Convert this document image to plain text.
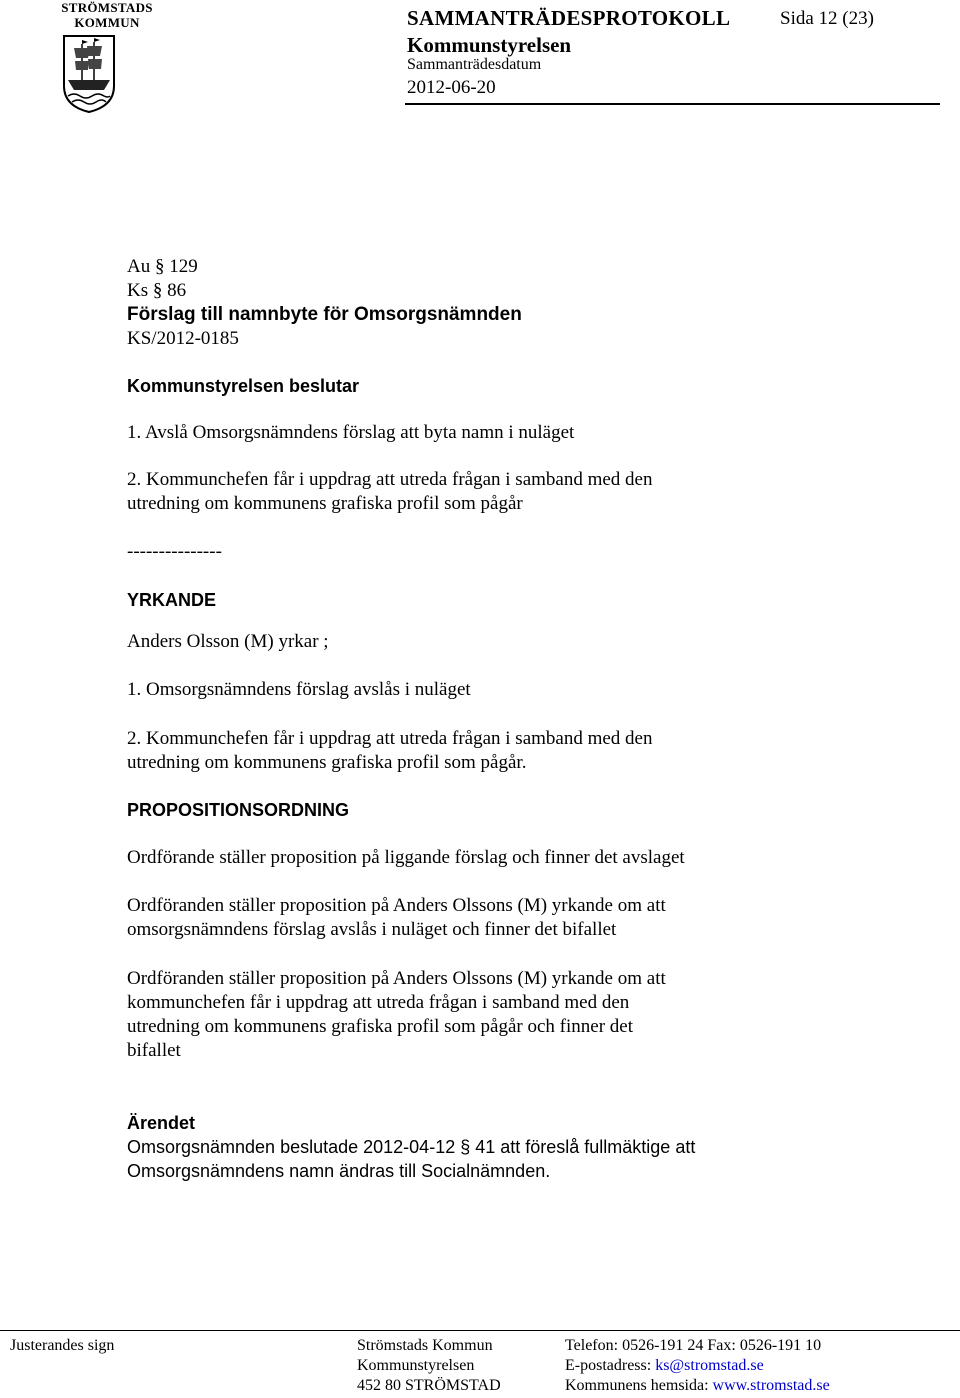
STRÖMSTADS
KOMMUN	SAMMANTRÄDESPROTOKOLL	Sida 12 (23)
Kommunstyrelsen
Sammanträdesdatum
2012-06-20
Au § 129
Ks § 86
Förslag till namnbyte för Omsorgsnämnden
KS/2012-0185
Kommunstyrelsen beslutar
1. Avslå Omsorgsnämndens förslag att byta namn i nuläget
2. Kommunchefen får i uppdrag att utreda frågan i samband med den
utredning om kommunens grafiska profil som pågår
---------------
YRKANDE
Anders Olsson (M) yrkar ;
1. Omsorgsnämndens förslag avslås i nuläget
2. Kommunchefen får i uppdrag att utreda frågan i samband med den
utredning om kommunens grafiska profil som pågår.
PROPOSITIONSORDNING
Ordförande ställer proposition på liggande förslag och finner det avslaget
Ordföranden ställer proposition på Anders Olssons (M) yrkande om att
omsorgsnämndens förslag avslås i nuläget och finner det bifallet
Ordföranden ställer proposition på Anders Olssons (M) yrkande om att
kommunchefen får i uppdrag att utreda frågan i samband med den
utredning om kommunens grafiska profil som pågår och finner det
bifallet
Ärendet
Omsorgsnämnden beslutade 2012-04-12 § 41 att föreslå fullmäktige att
Omsorgsnämndens namn ändras till Socialnämnden.
Justerandes sign	Strömstads Kommun
Kommunstyrelsen
452 80 STRÖMSTAD
Telefon: 0526-191 24 Fax: 0526-191 10
E-postadress: ks@stromstad.se
Kommunens hemsida: www.stromstad.se
